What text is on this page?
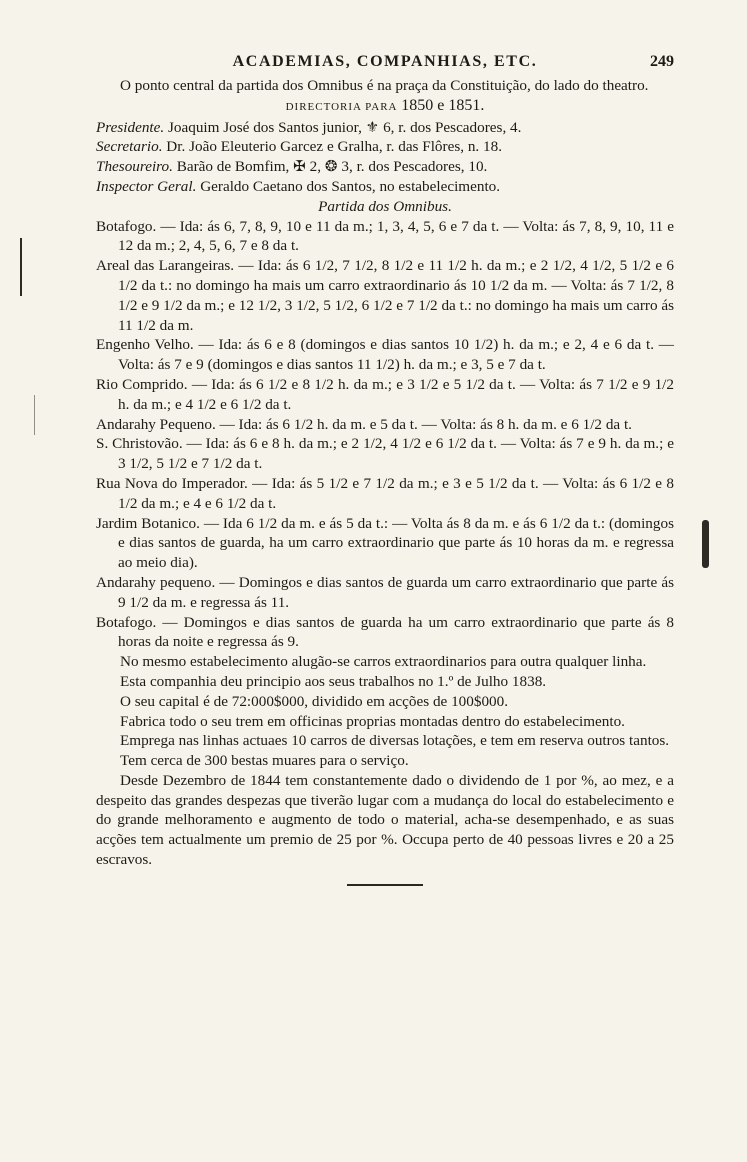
ACADEMIAS, COMPANHIAS, ETC.	249

O ponto central da partida dos Omnibus é na praça da Constituição, do lado do theatro.

DIRECTORIA PARA 1850 e 1851.

Presidente. Joaquim José dos Santos junior, ⚜ 6, r. dos Pescadores, 4.

Secretario. Dr. João Eleuterio Garcez e Gralha, r. das Flôres, n. 18.

Thesoureiro. Barão de Bomfim, ✠ 2, ❂ 3, r. dos Pescadores, 10.

Inspector Geral. Geraldo Caetano dos Santos, no estabelecimento.

Partida dos Omnibus.

Botafogo. — Ida: ás 6, 7, 8, 9, 10 e 11 da m.; 1, 3, 4, 5, 6 e 7 da t. — Volta: ás 7, 8, 9, 10, 11 e 12 da m.; 2, 4, 5, 6, 7 e 8 da t.

Areal das Larangeiras. — Ida: ás 6 1/2, 7 1/2, 8 1/2 e 11 1/2 h. da m.; e 2 1/2, 4 1/2, 5 1/2 e 6 1/2 da t.: no domingo ha mais um carro extraordinario ás 10 1/2 da m. — Volta: ás 7 1/2, 8 1/2 e 9 1/2 da m.; e 12 1/2, 3 1/2, 5 1/2, 6 1/2 e 7 1/2 da t.: no domingo ha mais um carro ás 11 1/2 da m.

Engenho Velho. — Ida: ás 6 e 8 (domingos e dias santos 10 1/2) h. da m.; e 2, 4 e 6 da t. — Volta: ás 7 e 9 (domingos e dias santos 11 1/2) h. da m.; e 3, 5 e 7 da t.

Rio Comprido. — Ida: ás 6 1/2 e 8 1/2 h. da m.; e 3 1/2 e 5 1/2 da t. — Volta: ás 7 1/2 e 9 1/2 h. da m.; e 4 1/2 e 6 1/2 da t.

Andarahy Pequeno. — Ida: ás 6 1/2 h. da m. e 5 da t. — Volta: ás 8 h. da m. e 6 1/2 da t.

S. Christovão. — Ida: ás 6 e 8 h. da m.; e 2 1/2, 4 1/2 e 6 1/2 da t. — Volta: ás 7 e 9 h. da m.; e 3 1/2, 5 1/2 e 7 1/2 da t.

Rua Nova do Imperador. — Ida: ás 5 1/2 e 7 1/2 da m.; e 3 e 5 1/2 da t. — Volta: ás 6 1/2 e 8 1/2 da m.; e 4 e 6 1/2 da t.

Jardim Botanico. — Ida 6 1/2 da m. e ás 5 da t.: — Volta ás 8 da m. e ás 6 1/2 da t.: (domingos e dias santos de guarda, ha um carro extraordinario que parte ás 10 horas da m. e regressa ao meio dia).

Andarahy pequeno. — Domingos e dias santos de guarda um carro extraordinario que parte ás 9 1/2 da m. e regressa ás 11.

Botafogo. — Domingos e dias santos de guarda ha um carro extraordinario que parte ás 8 horas da noite e regressa ás 9.

No mesmo estabelecimento alugão-se carros extraordinarios para outra qualquer linha.

Esta companhia deu principio aos seus trabalhos no 1.º de Julho 1838.

O seu capital é de 72:000$000, dividido em acções de 100$000.

Fabrica todo o seu trem em officinas proprias montadas dentro do estabelecimento.

Emprega nas linhas actuaes 10 carros de diversas lotações, e tem em reserva outros tantos.

Tem cerca de 300 bestas muares para o serviço.

Desde Dezembro de 1844 tem constantemente dado o dividendo de 1 por %, ao mez, e a despeito das grandes despezas que tiverão lugar com a mudança do local do estabelecimento e do grande melhoramento e augmento de todo o material, acha-se desempenhado, e as suas acções tem actualmente um premio de 25 por %. Occupa perto de 40 pessoas livres e 20 a 25 escravos.
